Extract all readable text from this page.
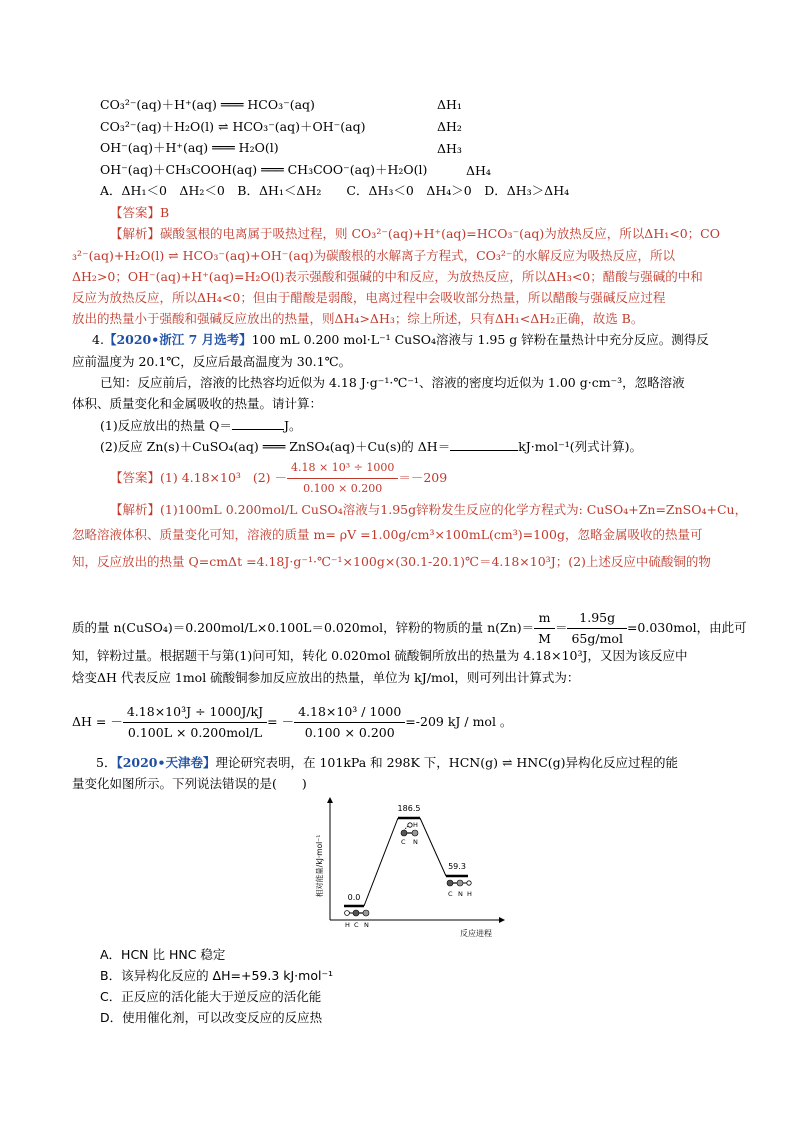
CO₃²⁻(aq)＋H⁺(aq) ═══ HCO₃⁻(aq)	ΔH₁
CO₃²⁻(aq)＋H₂O(l) ⇌ HCO₃⁻(aq)＋OH⁻(aq)	ΔH₂
OH⁻(aq)＋H⁺(aq) ═══ H₂O(l)	ΔH₃
OH⁻(aq)＋CH₃COOH(aq) ═══ CH₃COO⁻(aq)＋H₂O(l)	ΔH₄
A．ΔH₁＜0　ΔH₂＜0　B．ΔH₁＜ΔH₂　　C．ΔH₃＜0　ΔH₄＞0　D．ΔH₃＞ΔH₄
【答案】B
【解析】碳酸氢根的电离属于吸热过程，则 CO₃²⁻(aq)+H⁺(aq)=HCO₃⁻(aq)为放热反应，所以ΔH₁<0；CO
₃²⁻(aq)+H₂O(l) ⇌ HCO₃⁻(aq)+OH⁻(aq)为碳酸根的水解离子方程式，CO₃²⁻的水解反应为吸热反应，所以
ΔH₂>0；OH⁻(aq)+H⁺(aq)=H₂O(l)表示强酸和强碱的中和反应，为放热反应，所以ΔH₃<0；醋酸与强碱的中和
反应为放热反应，所以ΔH₄<0；但由于醋酸是弱酸，电离过程中会吸收部分热量，所以醋酸与强碱反应过程
放出的热量小于强酸和强碱反应放出的热量，则ΔH₄>ΔH₃；综上所述，只有ΔH₁<ΔH₂正确，故选 B。
4.【2020•浙江 7 月选考】100 mL 0.200 mol·L⁻¹ CuSO₄溶液与 1.95 g 锌粉在量热计中充分反应。测得反
应前温度为 20.1℃，反应后最高温度为 30.1℃。
已知：反应前后，溶液的比热容均近似为 4.18 J·g⁻¹·℃⁻¹、溶液的密度均近似为 1.00 g·cm⁻³，忽略溶液
体积、质量变化和金属吸收的热量。请计算：
(1)反应放出的热量 Q＝	J。
(2)反应 Zn(s)＋CuSO₄(aq) ═══ ZnSO₄(aq)＋Cu(s)的 ΔH＝	kJ·mol⁻¹(列式计算)。
【答案】(1) 4.18×10³ $(2) - \frac{\text{4.18 × 10³ ÷ 1000}}{0.100 \times 0.200} =-209$
【解析】(1)100mL 0.200mol/L CuSO₄溶液与1.95g锌粉发生反应的化学方程式为: CuSO₄+Zn=ZnSO₄+Cu，
忽略溶液体积、质量变化可知，溶液的质量 m= ρV =1.00g/cm³×100mL(cm³)=100g，忽略金属吸收的热量可
知，反应放出的热量 Q=cmΔt =4.18J·g⁻¹·℃⁻¹×100g×(30.1-20.1)℃＝4.18×10³J；(2)上述反应中硫酸铜的物
质的量 n(CuSO₄)＝0.200mol/L×0.100L＝0.020mol，锌粉的物质的量 $n(Zn)= \frac{m}{M} = \frac{1.95g}{\text{65g/mol}} =0.030mol$，由此可
知，锌粉过量。根据题干与第(1)问可知，转化 0.020mol 硫酸铜所放出的热量为 4.18×10³J，又因为该反应中
焓变ΔH 代表反应 1mol 硫酸铜参加反应放出的热量，单位为 kJ/mol，则可列出计算式为：
ΔH = － $\frac{\text{4.18×10³J ÷ 1000J/kJ}}{\text{0.100L × 0.200mol/L}}$ = － $\frac{\text{4.18×10³ / 1000}}{0.100 \times 0.200} =-209$ kJ / mol 。
5．【2020•天津卷】理论研究表明，在 101kPa 和 298K 下，HCN(g) ⇌ HNC(g)异构化反应过程的能
量变化如图所示。下列说法错误的是(　　)
相对能量/kJ·mol⁻¹
反应进程
0.0
186.5
59.3
H C N
H
C N
C N H
A．HCN 比 HNC 稳定
B．该异构化反应的 ΔH=+59.3 kJ·mol⁻¹
C．正反应的活化能大于逆反应的活化能
D．使用催化剂，可以改变反应的反应热
